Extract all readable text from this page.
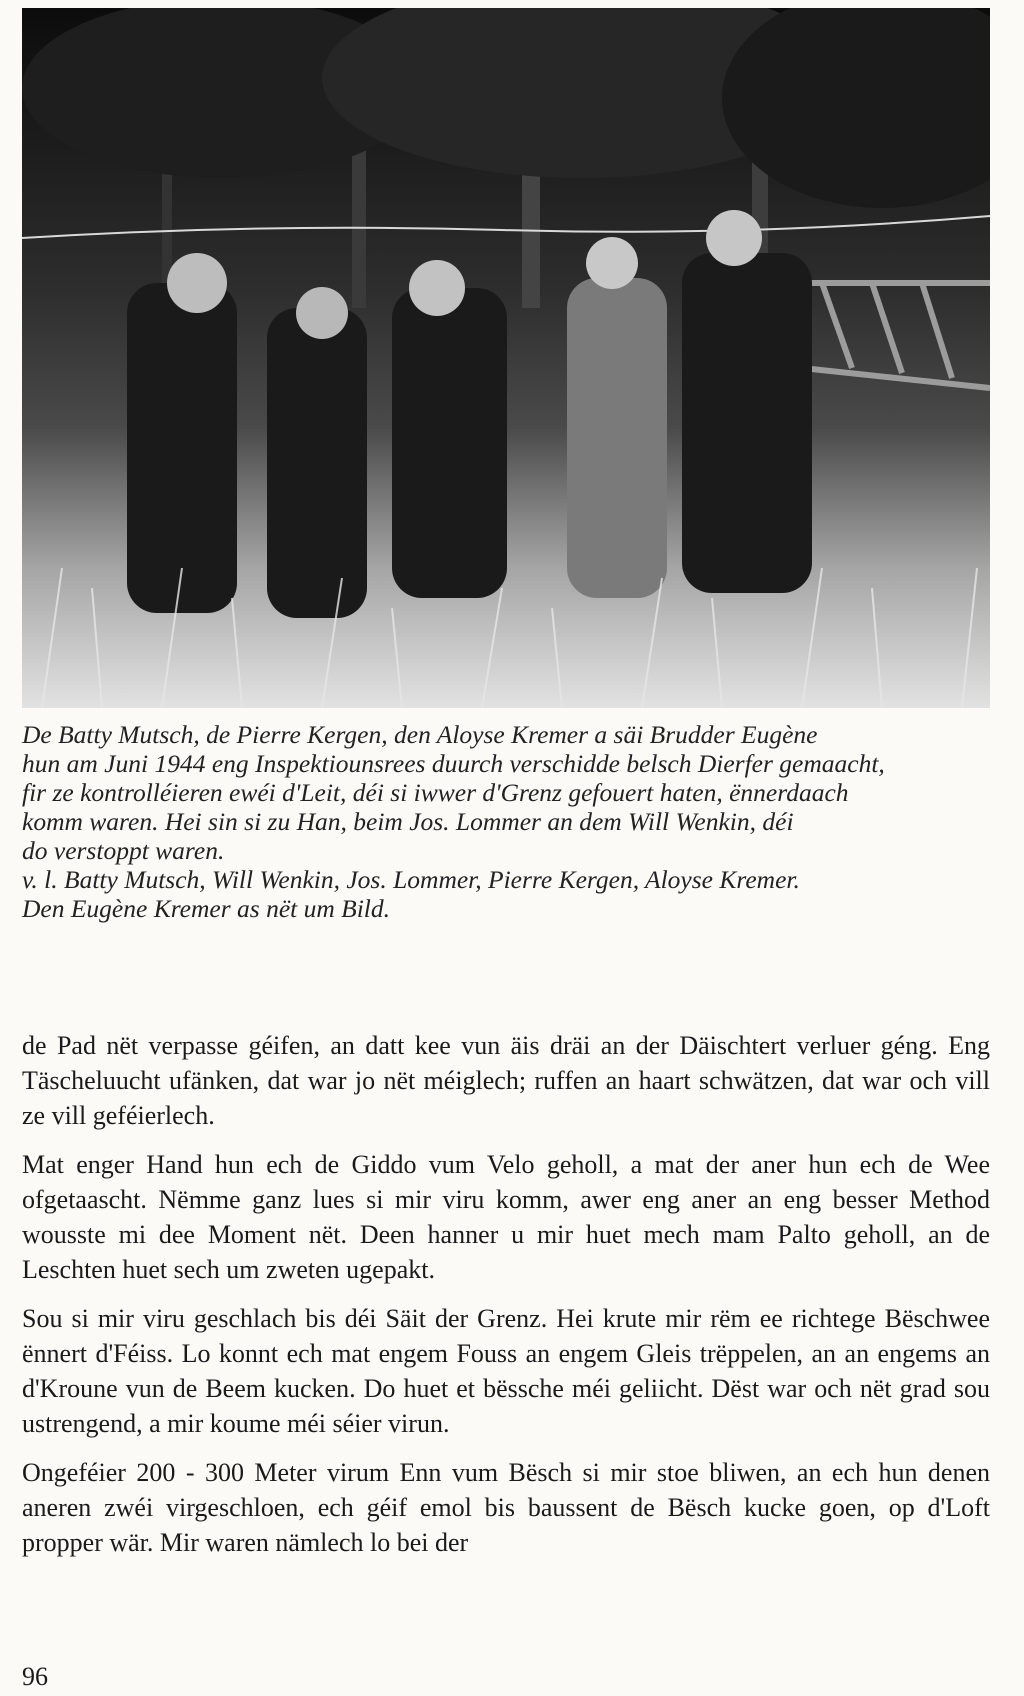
De Batty Mutsch, de Pierre Kergen, den Aloyse Kremer a säi Brudder Eugène

hun am Juni 1944 eng Inspektiounsrees duurch verschidde belsch Dierfer gemaacht,

fir ze kontrolléieren ewéi d'Leit, déi si iwwer d'Grenz gefouert haten, ënnerdaach

komm waren. Hei sin si zu Han, beim Jos. Lommer an dem Will Wenkin, déi

do verstoppt waren.

v. l. Batty Mutsch, Will Wenkin, Jos. Lommer, Pierre Kergen, Aloyse Kremer.

Den Eugène Kremer as nët um Bild.

de Pad nët verpasse géifen, an datt kee vun äis dräi an der Däischtert verluer géng. Eng Täscheluucht ufänken, dat war jo nët méiglech; ruffen an haart schwätzen, dat war och vill ze vill geféierlech.

Mat enger Hand hun ech de Giddo vum Velo geholl, a mat der aner hun ech de Wee ofgetaascht. Nëmme ganz lues si mir viru komm, awer eng aner an eng besser Method wousste mi dee Moment nët. Deen hanner u mir huet mech mam Palto geholl, an de Leschten huet sech um zweten ugepakt.

Sou si mir viru geschlach bis déi Säit der Grenz. Hei krute mir rëm ee richtege Bëschwee ënnert d'Féiss. Lo konnt ech mat engem Fouss an engem Gleis trëppelen, an an engems an d'Kroune vun de Beem kucken. Do huet et bëssche méi geliicht. Dëst war och nët grad sou ustrengend, a mir koume méi séier virun.

Ongeféier 200 - 300 Meter virum Enn vum Bësch si mir stoe bliwen, an ech hun denen aneren zwéi virgeschloen, ech géif emol bis baussent de Bësch kucke goen, op d'Loft propper wär. Mir waren nämlech lo bei der

96
